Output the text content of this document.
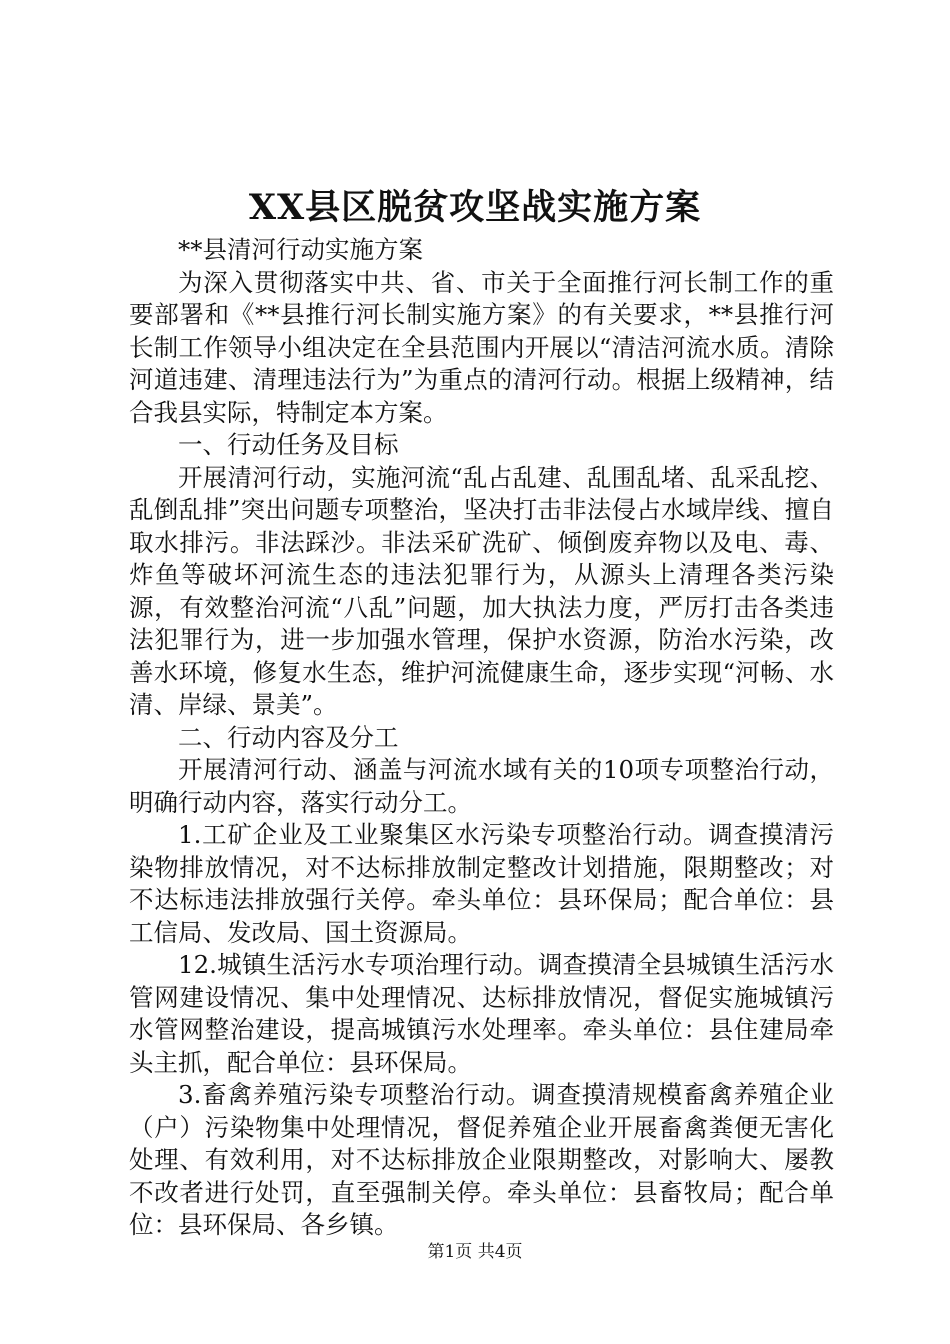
XX县区脱贫攻坚战实施方案

**县清河行动实施方案

为深入贯彻落实中共、省、市关于全面推行河长制工作的重要部署和《**县推行河长制实施方案》的有关要求，**县推行河长制工作领导小组决定在全县范围内开展以“清洁河流水质。清除河道违建、清理违法行为”为重点的清河行动。根据上级精神，结合我县实际，特制定本方案。

一、行动任务及目标

开展清河行动，实施河流“乱占乱建、乱围乱堵、乱采乱挖、乱倒乱排”突出问题专项整治，坚决打击非法侵占水域岸线、擅自取水排污。非法踩沙。非法采矿洗矿、倾倒废弃物以及电、毒、炸鱼等破坏河流生态的违法犯罪行为，从源头上清理各类污染源，有效整治河流“八乱”问题，加大执法力度，严厉打击各类违法犯罪行为，进一步加强水管理，保护水资源，防治水污染，改善水环境，修复水生态，维护河流健康生命，逐步实现“河畅、水清、岸绿、景美”。

二、行动内容及分工

开展清河行动、涵盖与河流水域有关的10项专项整治行动，明确行动内容，落实行动分工。

1.工矿企业及工业聚集区水污染专项整治行动。调查摸清污染物排放情况，对不达标排放制定整改计划措施，限期整改；对不达标违法排放强行关停。牵头单位：县环保局；配合单位：县工信局、发改局、国土资源局。

12.城镇生活污水专项治理行动。调查摸清全县城镇生活污水管网建设情况、集中处理情况、达标排放情况，督促实施城镇污水管网整治建设，提高城镇污水处理率。牵头单位：县住建局牵头主抓，配合单位：县环保局。

3.畜禽养殖污染专项整治行动。调查摸清规模畜禽养殖企业（户）污染物集中处理情况，督促养殖企业开展畜禽粪便无害化处理、有效利用，对不达标排放企业限期整改，对影响大、屡教不改者进行处罚，直至强制关停。牵头单位：县畜牧局；配合单位：县环保局、各乡镇。

第1页 共4页
